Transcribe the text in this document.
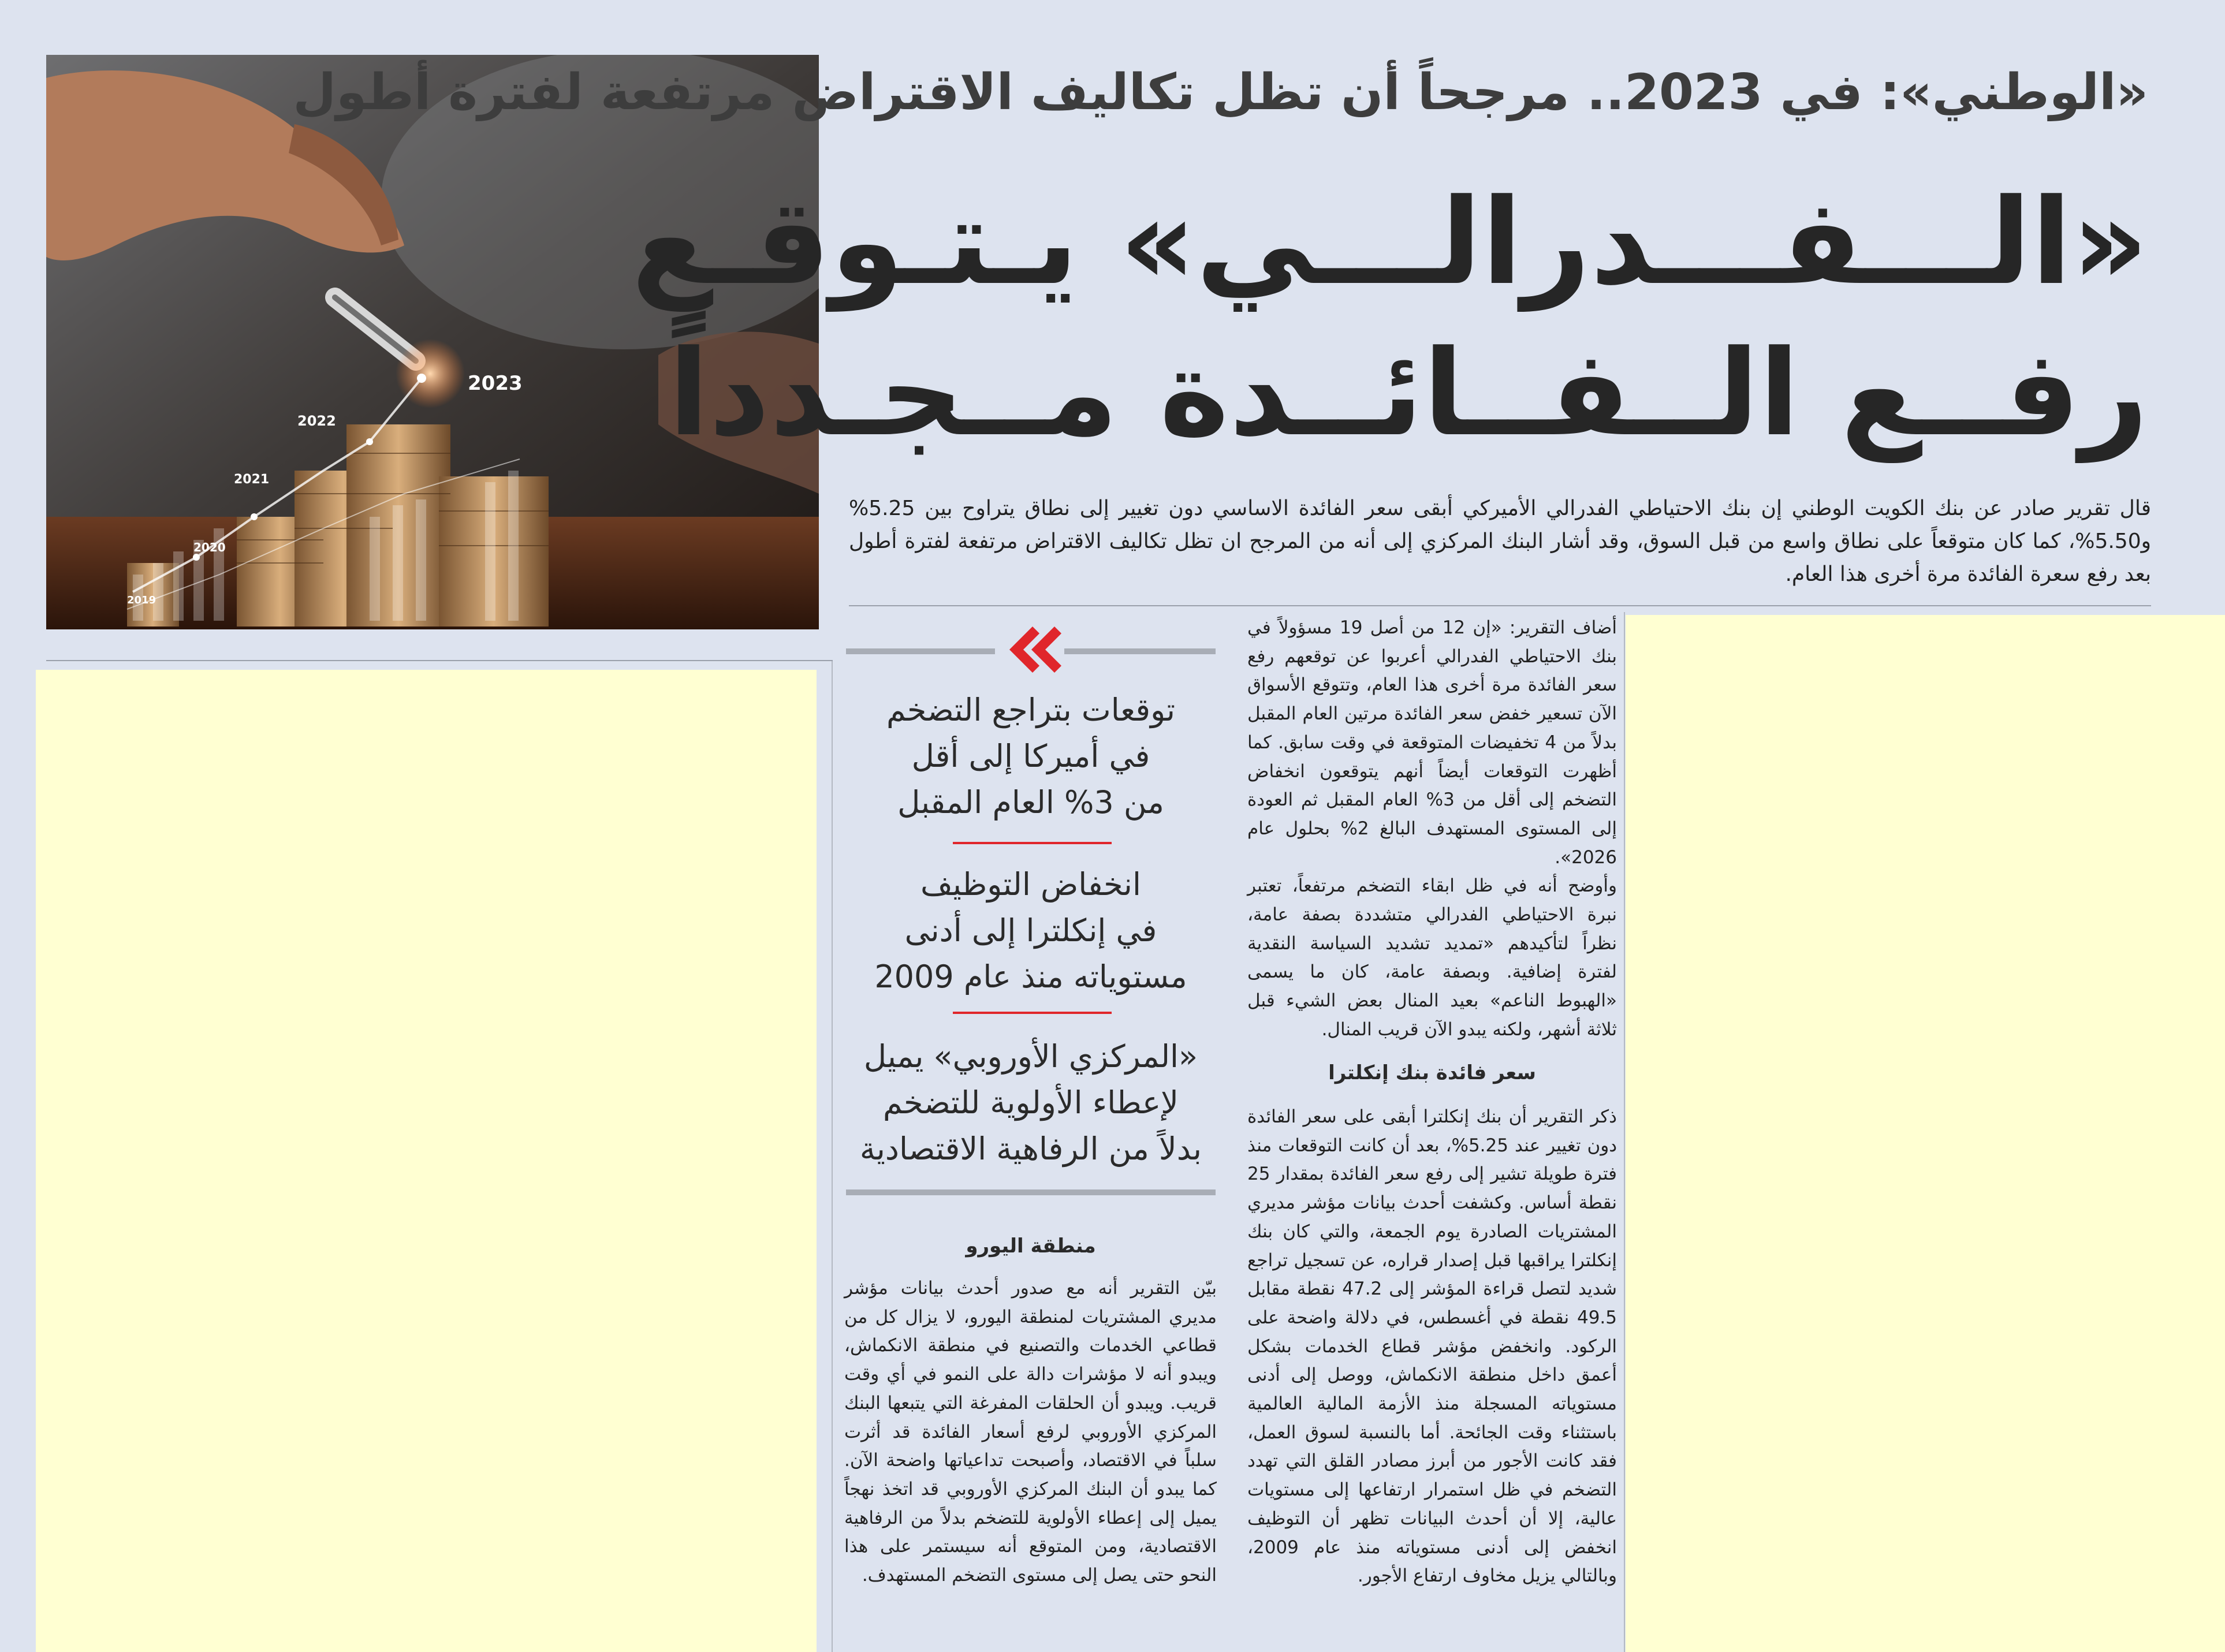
2023
2022
2021
2020
2019
«الوطني»: في 2023.. مرجحاً أن تظل تكاليف الاقتراض مرتفعة لفترة أطول
«الـــفـــدرالـــي» يـتـوقـع
رفــع الــفــائــدة مــجـدداً
قال تقرير صادر عن بنك الكويت الوطني إن بنك الاحتياطي الفدرالي الأميركي أبقى سعر الفائدة الاساسي دون تغيير إلى نطاق يتراوح بين 5.25% و5.50%، كما كان متوقعاً على نطاق واسع من قبل السوق، وقد أشار البنك المركزي إلى أنه من المرجح ان تظل تكاليف الاقتراض مرتفعة لفترة أطول بعد رفع سعرة الفائدة مرة أخرى هذا العام.
توقعات بتراجع التضخم
في أميركا إلى أقل
من 3% العام المقبل
انخفاض التوظيف
في إنكلترا إلى أدنى
مستوياته منذ عام 2009
«المركزي الأوروبي» يميل
لإعطاء الأولوية للتضخم
بدلاً من الرفاهية الاقتصادية
منطقة اليورو

بيّن التقرير أنه مع صدور أحدث بيانات مؤشر مديري المشتريات لمنطقة اليورو، لا يزال كل من قطاعي الخدمات والتصنيع في منطقة الانكماش، ويبدو أنه لا مؤشرات دالة على النمو في أي وقت قريب. ويبدو أن الحلقات المفرغة التي يتبعها البنك المركزي الأوروبي لرفع أسعار الفائدة قد أثرت سلباً في الاقتصاد، وأصبحت تداعياتها واضحة الآن. كما يبدو أن البنك المركزي الأوروبي قد اتخذ نهجاً يميل إلى إعطاء الأولوية للتضخم بدلاً من الرفاهية الاقتصادية، ومن المتوقع أنه سيستمر على هذا النحو حتى يصل إلى مستوى التضخم المستهدف.

أضاف التقرير: «إن 12 من أصل 19 مسؤولاً في بنك الاحتياطي الفدرالي أعربوا عن توقعهم رفع سعر الفائدة مرة أخرى هذا العام، وتتوقع الأسواق الآن تسعير خفض سعر الفائدة مرتين العام المقبل بدلاً من 4 تخفيضات المتوقعة في وقت سابق. كما أظهرت التوقعات أيضاً أنهم يتوقعون انخفاض التضخم إلى أقل من 3% العام المقبل ثم العودة إلى المستوى المستهدف البالغ 2% بحلول عام 2026».

وأوضح أنه في ظل ابقاء التضخم مرتفعاً، تعتبر نبرة الاحتياطي الفدرالي متشددة بصفة عامة، نظراً لتأكيدهم «تمديد تشديد السياسة النقدية لفترة إضافية. وبصفة عامة، كان ما يسمى «الهبوط الناعم» بعيد المنال بعض الشيء قبل ثلاثة أشهر، ولكنه يبدو الآن قريب المنال.

سعر فائدة بنك إنكلترا

ذكر التقرير أن بنك إنكلترا أبقى على سعر الفائدة دون تغيير عند 5.25%، بعد أن كانت التوقعات منذ فترة طويلة تشير إلى رفع سعر الفائدة بمقدار 25 نقطة أساس. وكشفت أحدث بيانات مؤشر مديري المشتريات الصادرة يوم الجمعة، والتي كان بنك إنكلترا يراقبها قبل إصدار قراره، عن تسجيل تراجع شديد لتصل قراءة المؤشر إلى 47.2 نقطة مقابل 49.5 نقطة في أغسطس، في دلالة واضحة على الركود. وانخفض مؤشر قطاع الخدمات بشكل أعمق داخل منطقة الانكماش، ووصل إلى أدنى مستوياته المسجلة منذ الأزمة المالية العالمية باستثناء وقت الجائحة. أما بالنسبة لسوق العمل، فقد كانت الأجور من أبرز مصادر القلق التي تهدد التضخم في ظل استمرار ارتفاعها إلى مستويات عالية، إلا أن أحدث البيانات تظهر أن التوظيف انخفض إلى أدنى مستوياته منذ عام 2009، وبالتالي يزيل مخاوف ارتفاع الأجور.
